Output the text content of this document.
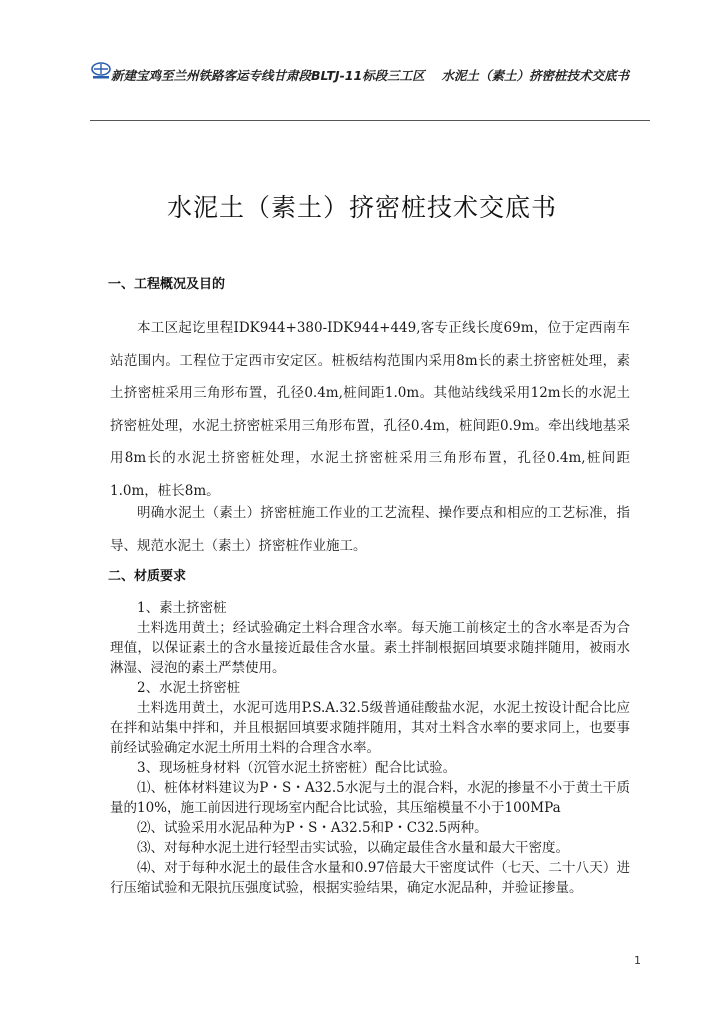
新建宝鸡至兰州铁路客运专线甘肃段BLTJ-11标段三工区　 水泥土（素土）挤密桩技术交底书
水泥土（素土）挤密桩技术交底书
一、工程概况及目的
本工区起讫里程IDK944+380-IDK944+449,客专正线长度69m，位于定西南车站范围内。工程位于定西市安定区。桩板结构范围内采用8m长的素土挤密桩处理，素土挤密桩采用三角形布置，孔径0.4m,桩间距1.0m。其他站线线采用12m长的水泥土挤密桩处理，水泥土挤密桩采用三角形布置，孔径0.4m，桩间距0.9m。牵出线地基采用8m长的水泥土挤密桩处理，水泥土挤密桩采用三角形布置，孔径0.4m,桩间距1.0m，桩长8m。
明确水泥土（素土）挤密桩施工作业的工艺流程、操作要点和相应的工艺标准，指导、规范水泥土（素土）挤密桩作业施工。
二、材质要求
1、素土挤密桩
土料选用黄土；经试验确定土料合理含水率。每天施工前核定土的含水率是否为合理值，以保证素土的含水量接近最佳含水量。素土拌制根据回填要求随拌随用，被雨水淋湿、浸泡的素土严禁使用。
2、水泥土挤密桩
土料选用黄土，水泥可选用P.S.A.32.5级普通硅酸盐水泥，水泥土按设计配合比应在拌和站集中拌和，并且根据回填要求随拌随用，其对土料含水率的要求同上，也要事前经试验确定水泥土所用土料的合理含水率。
3、现场桩身材料（沉管水泥土挤密桩）配合比试验。
⑴、桩体材料建议为P・S・A32.5水泥与土的混合料，水泥的掺量不小于黄土干质量的10%，施工前因进行现场室内配合比试验，其压缩模量不小于100MPa
⑵、试验采用水泥品种为P・S・A32.5和P・C32.5两种。
⑶、对每种水泥土进行轻型击实试验，以确定最佳含水量和最大干密度。
⑷、对于每种水泥土的最佳含水量和0.97倍最大干密度试件（七天、二十八天）进行压缩试验和无限抗压强度试验，根据实验结果，确定水泥品种，并验证掺量。
1
